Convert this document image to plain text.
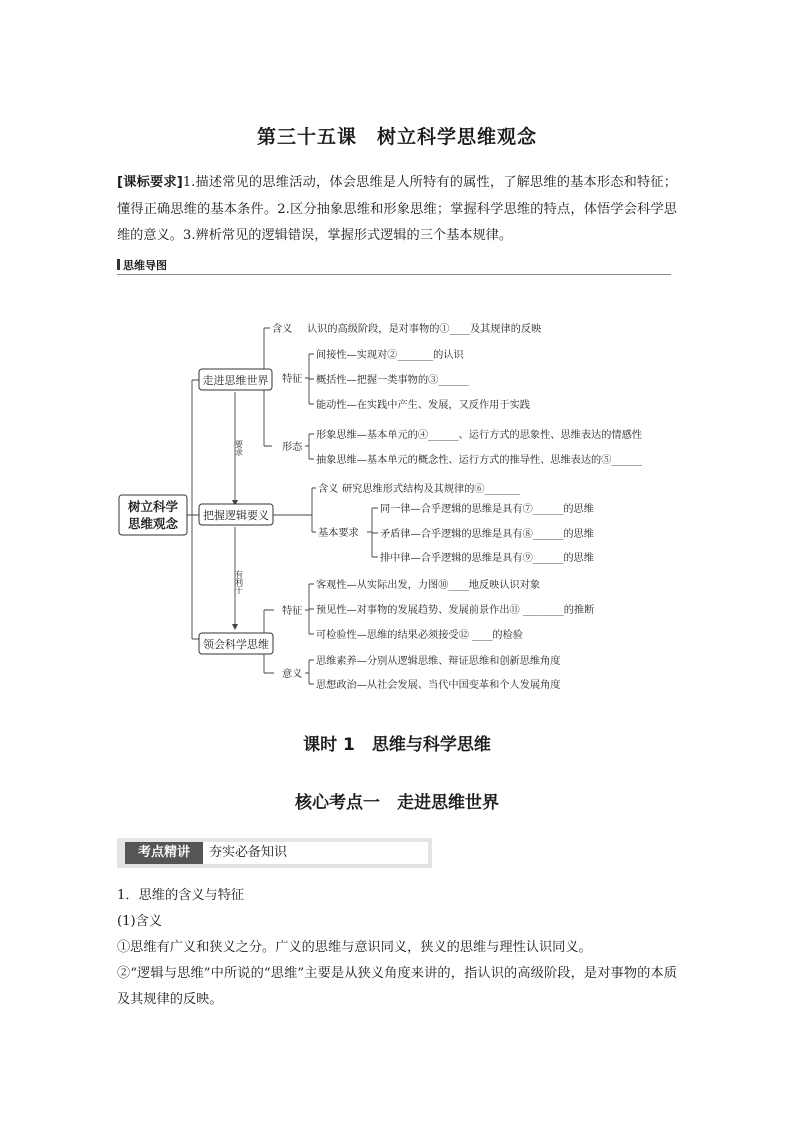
第三十五课　树立科学思维观念
[课标要求]1.描述常见的思维活动，体会思维是人所特有的属性，了解思维的基本形态和特征；懂得正确思维的基本条件。2.区分抽象思维和形象思维；掌握科学思维的特点，体悟学会科学思维的意义。3.辨析常见的逻辑错误，掌握形式逻辑的三个基本规律。
思维导图
树立科学
思维观念
走进思维世界
把握逻辑要义
领会科学思维
要求
有利于
含义 认识的高级阶段，是对事物的①____及其规律的反映
特征
间接性—实现对②_______的认识
概括性—把握一类事物的③______
能动性—在实践中产生、发展，又反作用于实践
形态
形象思维—基本单元的④______、运行方式的思象性、思维表达的情感性
抽象思维—基本单元的概念性、运行方式的推导性、思维表达的⑤______
含义 研究思维形式结构及其规律的⑥_______
基本要求
同一律—合乎逻辑的思维是具有⑦______的思维
矛盾律—合乎逻辑的思维是具有⑧______的思维
排中律—合乎逻辑的思维是具有⑨______的思维
特征
客观性—从实际出发，力图⑩____地反映认识对象
预见性—对事物的发展趋势、发展前景作出⑪ ________的推断
可检验性—思维的结果必须接受⑫ ____的检验
意义
思维素养—分别从逻辑思维、辩证思维和创新思维角度
思想政治—从社会发展、当代中国变革和个人发展角度
课时 1　思维与科学思维
核心考点一　走进思维世界
考点精讲	夯实必备知识
1．思维的含义与特征
(1)含义
①思维有广义和狭义之分。广义的思维与意识同义，狭义的思维与理性认识同义。
②“逻辑与思维”中所说的“思维”主要是从狭义角度来讲的，指认识的高级阶段，是对事物的本质及其规律的反映。
